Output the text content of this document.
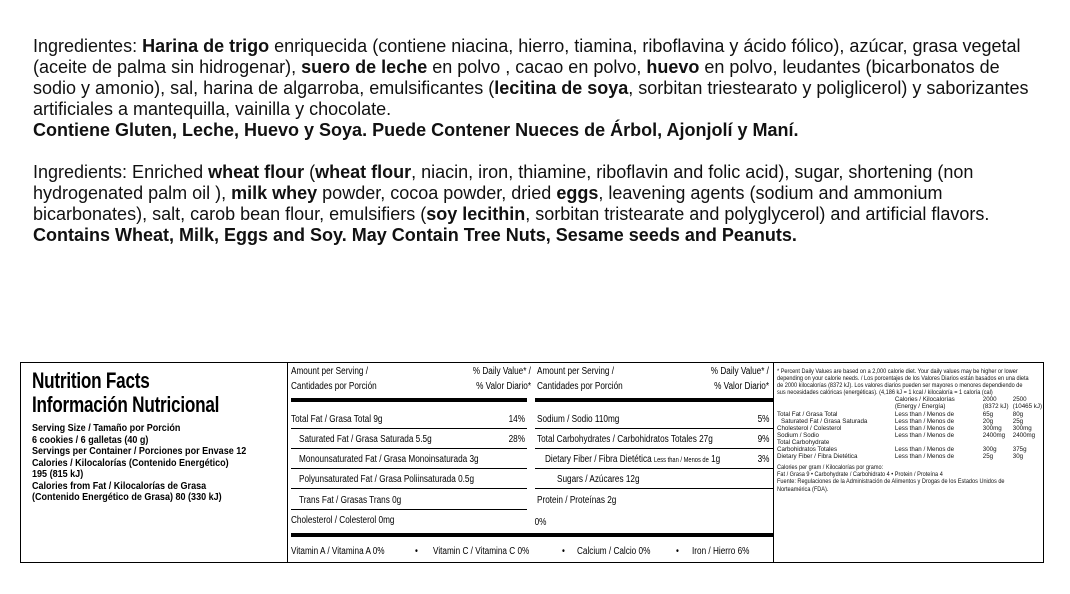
Ingredientes: Harina de trigo enriquecida (contiene niacina, hierro, tiamina, riboflavina y ácido fólico), azúcar, grasa vegetal (aceite de palma sin hidrogenar), suero de leche en polvo , cacao en polvo, huevo en polvo, leudantes (bicarbonatos de sodio y amonio), sal, harina de algarroba, emulsificantes (lecitina de soya, sorbitan triestearato y poliglicerol) y saborizantes artificiales a mantequilla, vainilla y chocolate.

Contiene Gluten, Leche, Huevo y Soya. Puede Contener Nueces de Árbol, Ajonjolí y Maní.

Ingredients: Enriched wheat flour (wheat flour, niacin, iron, thiamine, riboflavin and folic acid), sugar, shortening (non hydrogenated palm oil ), milk whey powder, cocoa powder, dried eggs, leavening agents (sodium and ammonium bicarbonates), salt, carob bean flour, emulsifiers (soy lecithin, sorbitan tristearate and polyglycerol) and artificial flavors.

Contains Wheat, Milk, Eggs and Soy. May Contain Tree Nuts, Sesame seeds and Peanuts.

Nutrition Facts
Información Nutricional
Serving Size / Tamaño por Porción
6 cookies / 6 galletas (40 g)
Servings per Container / Porciones por Envase 12
Calories / Kilocalorías (Contenido Energético)
195 (815 kJ)
Calories from Fat / Kilocalorías de Grasa
(Contenido Energético de Grasa) 80 (330 kJ)
Amount per Serving /
Cantidades por Porción
% Daily Value* /
% Valor Diario*
Amount per Serving /
Cantidades por Porción
% Daily Value* /
% Valor Diario*
Total Fat / Grasa Total 9g	14%
Saturated Fat / Grasa Saturada 5.5g	28%
Monounsaturated Fat / Grasa Monoinsaturada 3g
Polyunsaturated Fat / Grasa Poliinsaturada 0.5g
Trans Fat / Grasas Trans 0g
Cholesterol / Colesterol 0mg	0%
Sodium / Sodio 110mg	5%
Total Carbohydrates / Carbohidratos Totales 27g	9%
Dietary Fiber / Fibra Dietética Less than / Menos de 1g	3%
Sugars / Azúcares 12g
Protein / Proteínas 2g
Vitamin A / Vitamina A 0%	• Vitamin C / Vitamina C 0%	• Calcium / Calcio 0%	• Iron / Hierro 6%
* Percent Daily Values are based on a 2,000 calorie diet. Your daily values may be higher or lower
depending on your calorie needs. / Los porcentajes de los Valores Diarios están basados en una dieta
de 2000 kilocalorías (8372 kJ). Los valores diarios pueden ser mayores o menores dependiendo de
sus necesidades calóricas (energéticas). (4,186 kJ = 1 kcal / kilocaloría = 1 caloría (cal)
	Calories / Kilocalorías	2000	2500
	(Energy / Energía)	(8372 kJ)	(10465 kJ)
Total Fat / Grasa Total	Less than / Menos de	65g	80g
Saturated Fat / Grasa Saturada	Less than / Menos de	20g	25g
Cholesterol / Colesterol	Less than / Menos de	300mg	300mg
Sodium / Sodio	Less than / Menos de	2400mg	2400mg
Total Carbohydrate			
Carbohidratos Totales	Less than / Menos de	300g	375g
Dietary Fiber / Fibra Dietética	Less than / Menos de	25g	30g
Calories per gram / Kilocalorías por gramo:
Fat / Grasa 9 • Carbohydrate / Carbohidrato 4 • Protein / Proteína 4
Fuente: Regulaciones de la Administración de Alimentos y Drogas de los Estados Unidos de
Norteamérica (FDA).
